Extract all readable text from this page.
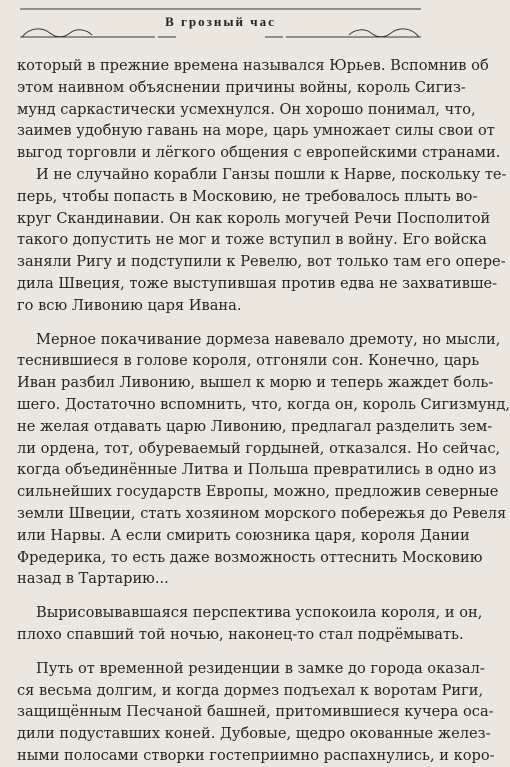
В грозный час
который в прежние времена назывался Юрьев. Вспомнив об
этом наивном объяснении причины войны, король Сигиз-
мунд саркастически усмехнулся. Он хорошо понимал, что,
заимев удобную гавань на море, царь умножает силы свои от
выгод торговли и лёгкого общения с европейскими странами.
И не случайно корабли Ганзы пошли к Нарве, поскольку те-
перь, чтобы попасть в Московию, не требовалось плыть во-
круг Скандинавии. Он как король могучей Речи Посполитой
такого допустить не мог и тоже вступил в войну. Его войска
заняли Ригу и подступили к Ревелю, вот только там его опере-
дила Швеция, тоже выступившая против едва не захвативше-
го всю Ливонию царя Ивана.
Мерное покачивание дормеза навевало дремоту, но мысли,
теснившиеся в голове короля, отгоняли сон. Конечно, царь
Иван разбил Ливонию, вышел к морю и теперь жаждет боль-
шего. Достаточно вспомнить, что, когда он, король Сигизмунд,
не желая отдавать царю Ливонию, предлагал разделить зем-
ли ордена, тот, обуреваемый гордыней, отказался. Но сейчас,
когда объединённые Литва и Польша превратились в одно из
сильнейших государств Европы, можно, предложив северные
земли Швеции, стать хозяином морского побережья до Ревеля
или Нарвы. А если смирить союзника царя, короля Дании
Фредерика, то есть даже возможность оттеснить Московию
назад в Тартарию...
Вырисовывавшаяся перспектива успокоила короля, и он,
плохо спавший той ночью, наконец-то стал подрёмывать.
Путь от временной резиденции в замке до города оказал-
ся весьма долгим, и когда дормез подъехал к воротам Риги,
защищённым Песчаной башней, притомившиеся кучера оса-
дили подуставших коней. Дубовые, щедро окованные желез-
ными полосами створки гостеприимно распахнулись, и коро-
